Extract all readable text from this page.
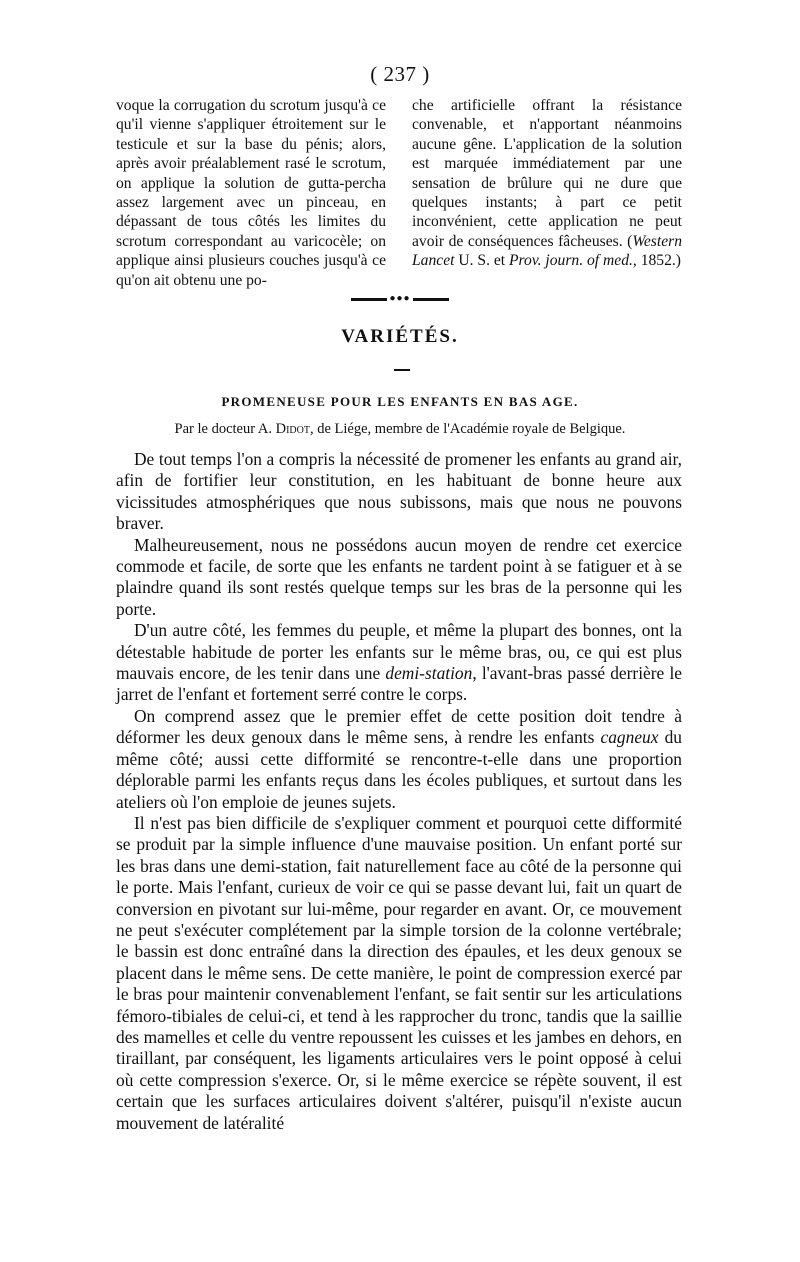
( 237 )

voque la corrugation du scrotum jusqu'à ce qu'il vienne s'appliquer étroitement sur le testicule et sur la base du pénis; alors, après avoir préalablement rasé le scrotum, on applique la solution de gutta-percha assez largement avec un pinceau, en dépassant de tous côtés les limites du scrotum correspondant au varicocèle; on applique ainsi plusieurs couches jusqu'à ce qu'on ait obtenu une po-

che artificielle offrant la résistance convenable, et n'apportant néanmoins aucune gêne. L'application de la solution est marquée immédiatement par une sensation de brûlure qui ne dure que quelques instants; à part ce petit inconvénient, cette application ne peut avoir de conséquences fâcheuses. (Western Lancet U. S. et Prov. journ. of med., 1852.)

●●●
VARIÉTÉS.
PROMENEUSE POUR LES ENFANTS EN BAS AGE.
Par le docteur A. Didot, de Liége, membre de l'Académie royale de Belgique.

De tout temps l'on a compris la nécessité de promener les enfants au grand air, afin de fortifier leur constitution, en les habituant de bonne heure aux vicissitudes atmosphériques que nous subissons, mais que nous ne pouvons braver.

Malheureusement, nous ne possédons aucun moyen de rendre cet exercice commode et facile, de sorte que les enfants ne tardent point à se fatiguer et à se plaindre quand ils sont restés quelque temps sur les bras de la personne qui les porte.

D'un autre côté, les femmes du peuple, et même la plupart des bonnes, ont la détestable habitude de porter les enfants sur le même bras, ou, ce qui est plus mauvais encore, de les tenir dans une demi-station, l'avant-bras passé derrière le jarret de l'enfant et fortement serré contre le corps.

On comprend assez que le premier effet de cette position doit tendre à déformer les deux genoux dans le même sens, à rendre les enfants cagneux du même côté; aussi cette difformité se rencontre-t-elle dans une proportion déplorable parmi les enfants reçus dans les écoles publiques, et surtout dans les ateliers où l'on emploie de jeunes sujets.

Il n'est pas bien difficile de s'expliquer comment et pourquoi cette difformité se produit par la simple influence d'une mauvaise position. Un enfant porté sur les bras dans une demi-station, fait naturellement face au côté de la personne qui le porte. Mais l'enfant, curieux de voir ce qui se passe devant lui, fait un quart de conversion en pivotant sur lui-même, pour regarder en avant. Or, ce mouvement ne peut s'exécuter complétement par la simple torsion de la colonne vertébrale; le bassin est donc entraîné dans la direction des épaules, et les deux genoux se placent dans le même sens. De cette manière, le point de compression exercé par le bras pour maintenir convenablement l'enfant, se fait sentir sur les articulations fémoro-tibiales de celui-ci, et tend à les rapprocher du tronc, tandis que la saillie des mamelles et celle du ventre repoussent les cuisses et les jambes en dehors, en tiraillant, par conséquent, les ligaments articulaires vers le point opposé à celui où cette compression s'exerce. Or, si le même exercice se répète souvent, il est certain que les surfaces articulaires doivent s'altérer, puisqu'il n'existe aucun mouvement de latéralité
